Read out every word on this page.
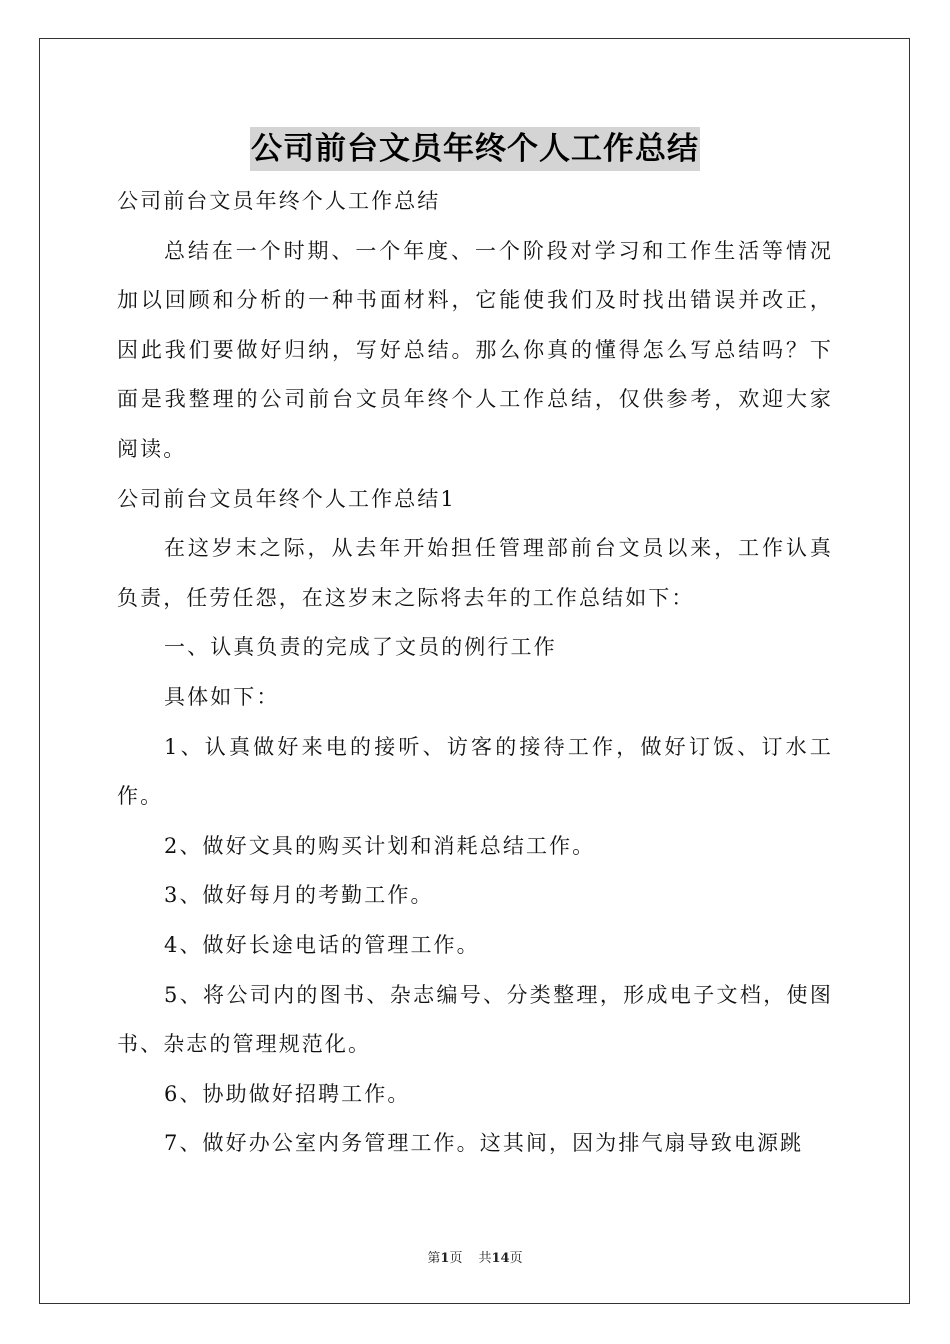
公司前台文员年终个人工作总结

公司前台文员年终个人工作总结

总结在一个时期、一个年度、一个阶段对学习和工作生活等情况加以回顾和分析的一种书面材料，它能使我们及时找出错误并改正，因此我们要做好归纳，写好总结。那么你真的懂得怎么写总结吗？下面是我整理的公司前台文员年终个人工作总结，仅供参考，欢迎大家阅读。

公司前台文员年终个人工作总结1

在这岁末之际，从去年开始担任管理部前台文员以来，工作认真负责，任劳任怨，在这岁末之际将去年的工作总结如下：

一、认真负责的完成了文员的例行工作

具体如下：

1、认真做好来电的接听、访客的接待工作，做好订饭、订水工作。

2、做好文具的购买计划和消耗总结工作。

3、做好每月的考勤工作。

4、做好长途电话的管理工作。

5、将公司内的图书、杂志编号、分类整理，形成电子文档，使图书、杂志的管理规范化。

6、协助做好招聘工作。

7、做好办公室内务管理工作。这其间，因为排气扇导致电源跳

第1页 共14页
